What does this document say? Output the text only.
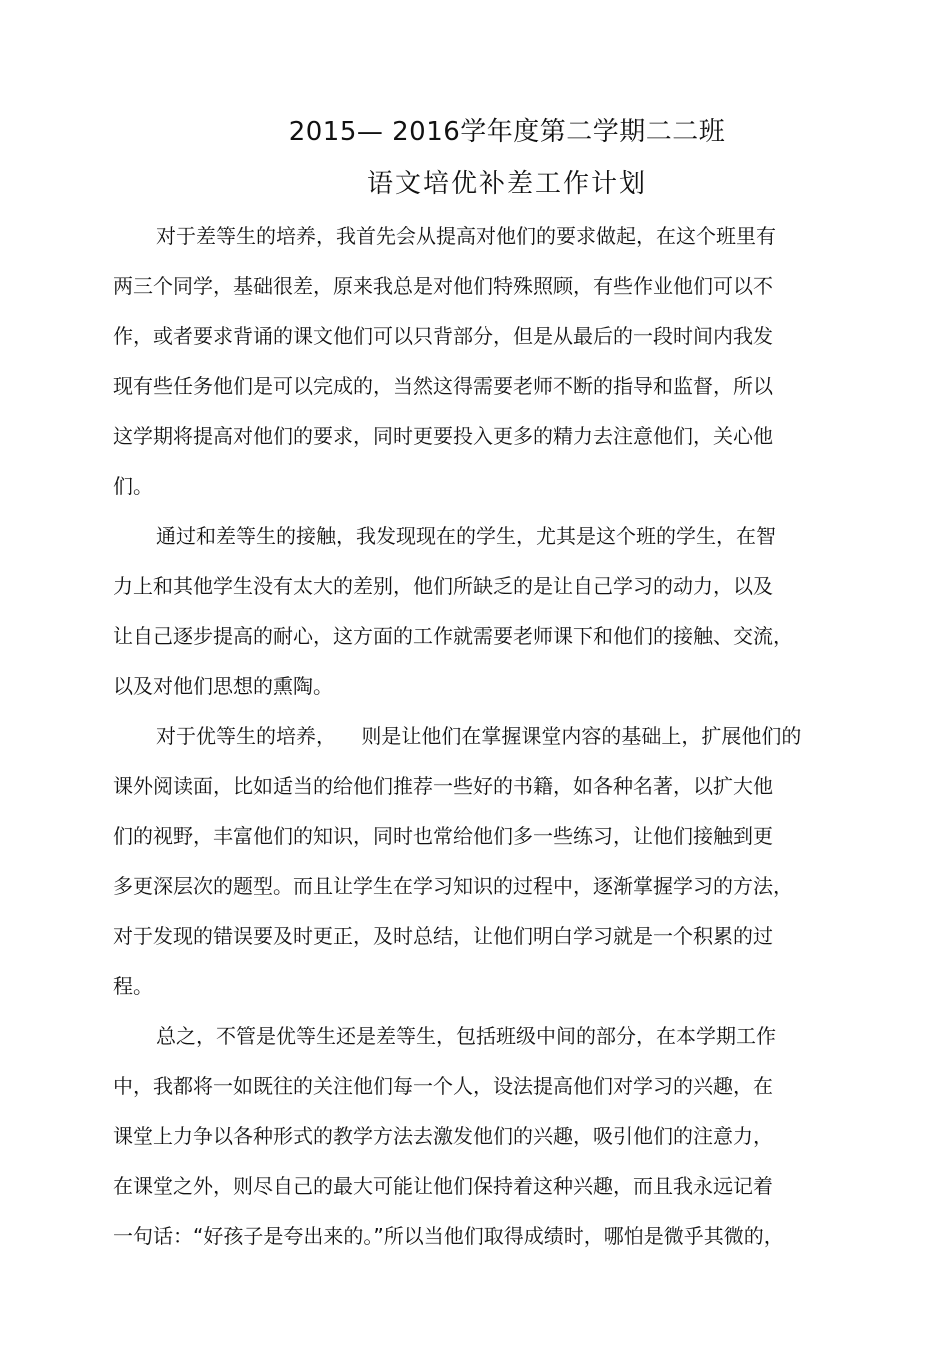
2015— 2016学年度第二学期二二班
语文培优补差工作计划
对于差等生的培养，我首先会从提高对他们的要求做起，在这个班里有
两三个同学，基础很差，原来我总是对他们特殊照顾，有些作业他们可以不
作，或者要求背诵的课文他们可以只背部分，但是从最后的一段时间内我发
现有些任务他们是可以完成的，当然这得需要老师不断的指导和监督，所以
这学期将提高对他们的要求，同时更要投入更多的精力去注意他们，关心他
们。
通过和差等生的接触，我发现现在的学生，尤其是这个班的学生，在智
力上和其他学生没有太大的差别，他们所缺乏的是让自己学习的动力，以及
让自己逐步提高的耐心，这方面的工作就需要老师课下和他们的接触、交流，
以及对他们思想的熏陶。
对于优等生的培养，    则是让他们在掌握课堂内容的基础上，扩展他们的
课外阅读面，比如适当的给他们推荐一些好的书籍，如各种名著，以扩大他
们的视野，丰富他们的知识，同时也常给他们多一些练习，让他们接触到更
多更深层次的题型。而且让学生在学习知识的过程中，逐渐掌握学习的方法，
对于发现的错误要及时更正，及时总结，让他们明白学习就是一个积累的过
程。
总之，不管是优等生还是差等生，包括班级中间的部分，在本学期工作
中，我都将一如既往的关注他们每一个人，设法提高他们对学习的兴趣，在
课堂上力争以各种形式的教学方法去激发他们的兴趣，吸引他们的注意力，
在课堂之外，则尽自己的最大可能让他们保持着这种兴趣，而且我永远记着
一句话：“好孩子是夸出来的。”所以当他们取得成绩时，哪怕是微乎其微的，
